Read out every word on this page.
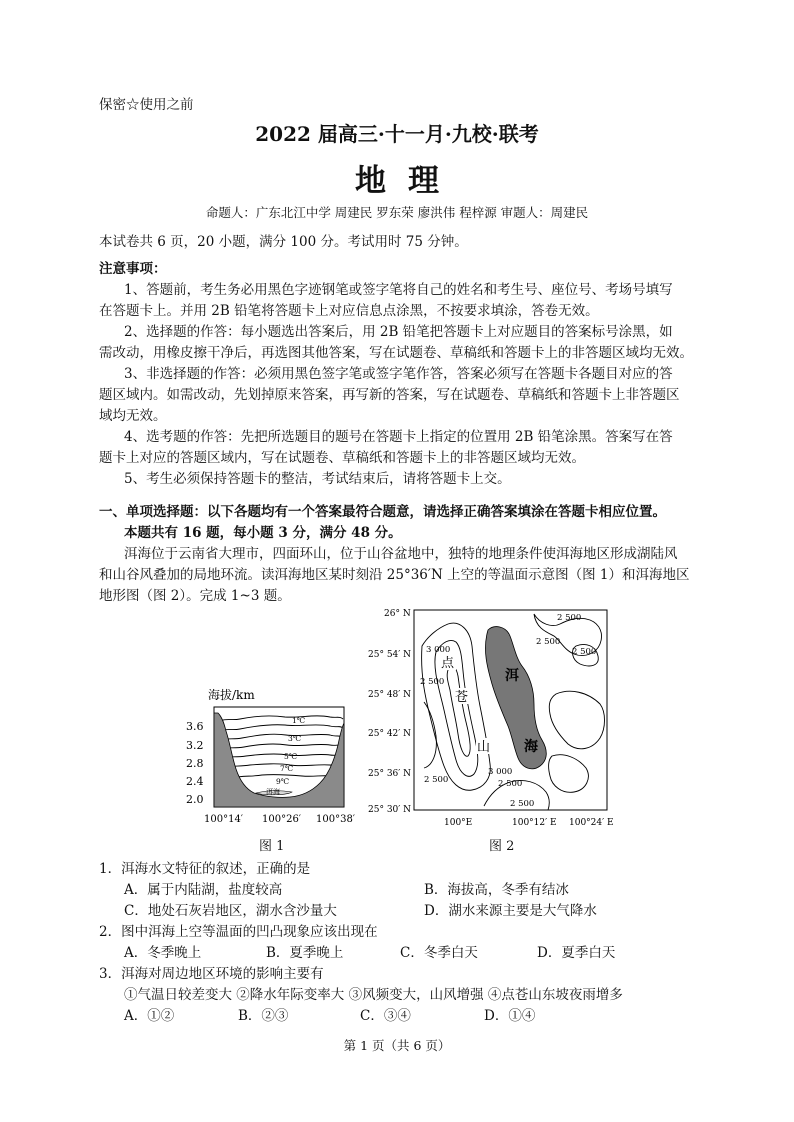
保密☆使用之前
2022 届高三·十一月·九校·联考
地理
命题人：广东北江中学 周建民 罗东荣 廖洪伟 程梓源 审题人：周建民
本试卷共 6 页，20 小题，满分 100 分。考试用时 75 分钟。
注意事项：
1、答题前，考生务必用黑色字迹钢笔或签字笔将自己的姓名和考生号、座位号、考场号填写
在答题卡上。并用 2B 铅笔将答题卡上对应信息点涂黑，不按要求填涂，答卷无效。
2、选择题的作答：每小题选出答案后，用 2B 铅笔把答题卡上对应题目的答案标号涂黑，如
需改动，用橡皮擦干净后，再选图其他答案，写在试题卷、草稿纸和答题卡上的非答题区域均无效。
3、非选择题的作答：必须用黑色签字笔或签字笔作答，答案必须写在答题卡各题目对应的答
题区域内。如需改动，先划掉原来答案，再写新的答案，写在试题卷、草稿纸和答题卡上非答题区
域均无效。
4、选考题的作答：先把所选题目的题号在答题卡上指定的位置用 2B 铅笔涂黑。答案写在答
题卡上对应的答题区域内，写在试题卷、草稿纸和答题卡上的非答题区域均无效。
5、考生必须保持答题卡的整洁，考试结束后，请将答题卡上交。
一、单项选择题：以下各题均有一个答案最符合题意，请选择正确答案填涂在答题卡相应位置。
本题共有 16 题，每小题 3 分，满分 48 分。
洱海位于云南省大理市，四面环山，位于山谷盆地中，独特的地理条件使洱海地区形成湖陆风
和山谷风叠加的局地环流。读洱海地区某时刻沿 25°36′N 上空的等温面示意图（图 1）和洱海地区
地形图（图 2）。完成 1~3 题。
海拔/km
3.6
3.2
2.8
2.4
2.0
洱海
1℃
3℃
5℃
7℃
9℃
100°14′ 100°26′ 100°38′
图 1
26° N
25° 54′ N
25° 48′ N
25° 42′ N
25° 36′ N
25° 30′ N
洱
海
点
苍
山
2 500
2 500
2 500
3 000
2 500
3 000
2 500
2 500
2 500
100°E	100°12′ E 100°24′ E
图 2
1．洱海水文特征的叙述，正确的是
A．属于内陆湖，盐度较高	B．海拔高，冬季有结冰
C．地处石灰岩地区，湖水含沙量大	D．湖水来源主要是大气降水
2．图中洱海上空等温面的凹凸现象应该出现在
A．冬季晚上	B．夏季晚上	C．冬季白天	D．夏季白天
3．洱海对周边地区环境的影响主要有
①气温日较差变大 ②降水年际变率大 ③风频变大，山风增强 ④点苍山东坡夜雨增多
A．①②	B．②③	C．③④	D．①④
第 1 页（共 6 页）
